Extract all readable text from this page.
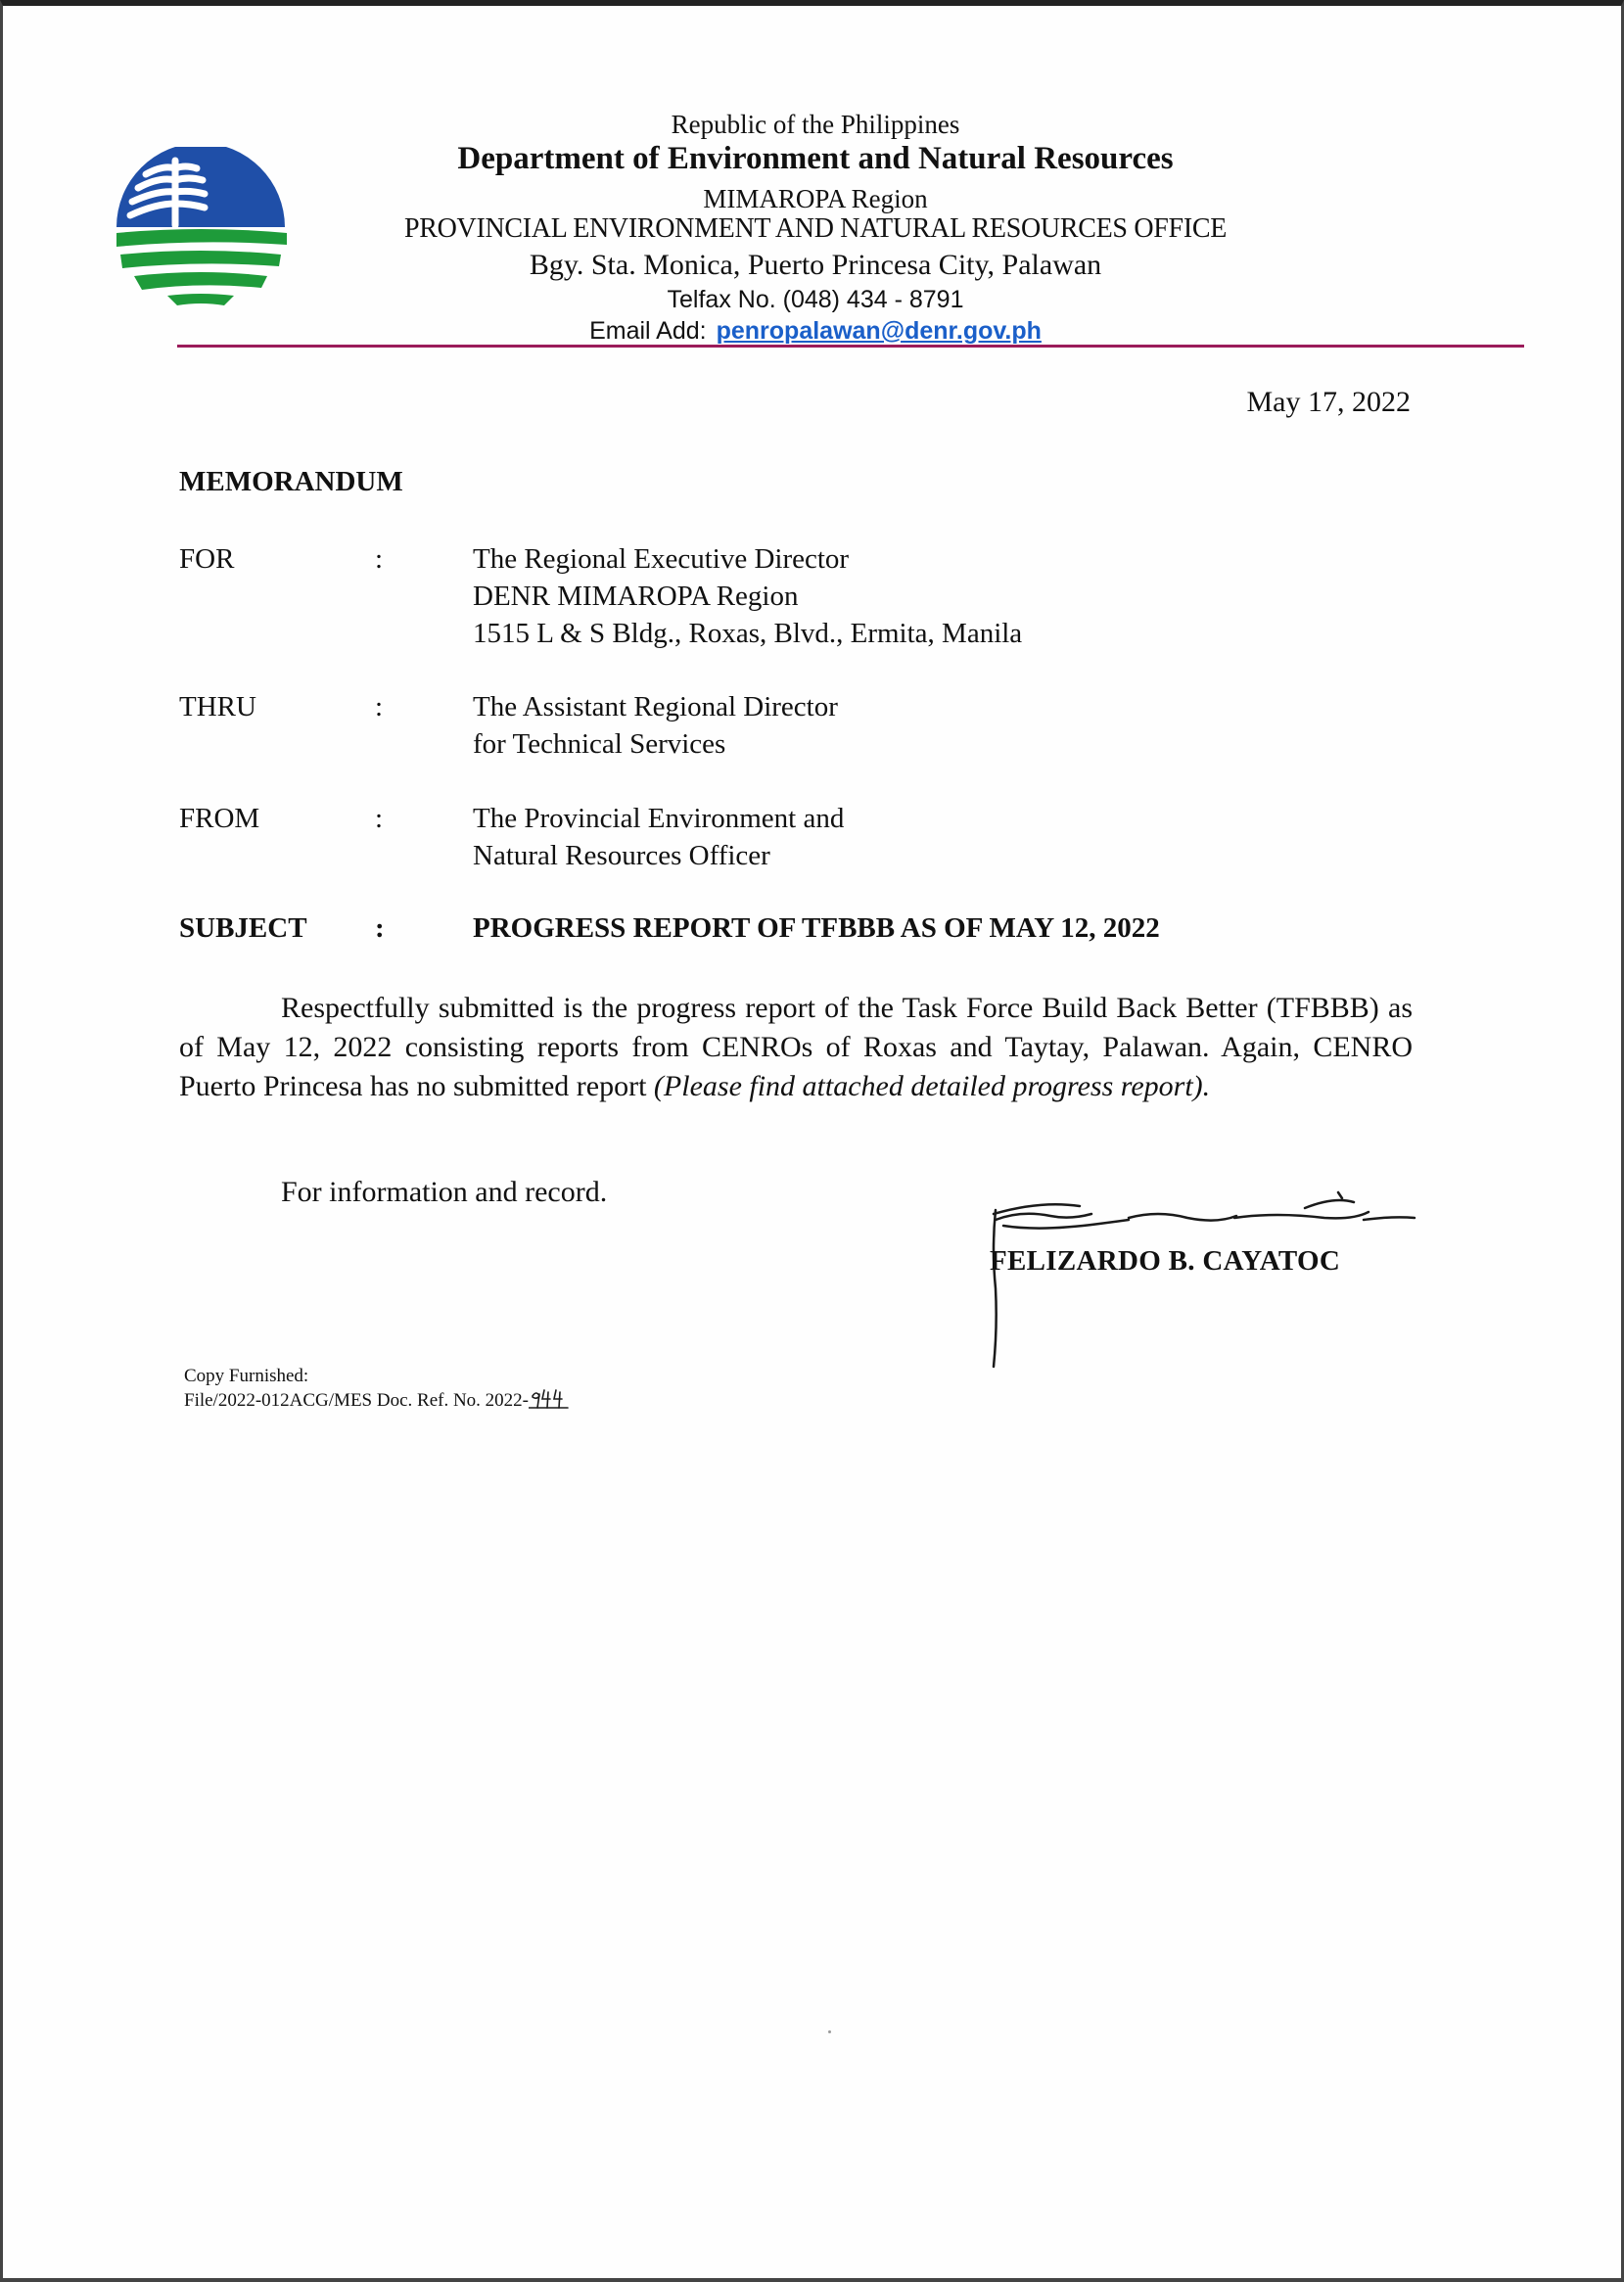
Republic of the Philippines
Department of Environment and Natural Resources
MIMAROPA Region
PROVINCIAL ENVIRONMENT AND NATURAL RESOURCES OFFICE
Bgy. Sta. Monica, Puerto Princesa City, Palawan
Telfax No. (048) 434 - 8791
Email Add: penropalawan@denr.gov.ph
May 17, 2022
MEMORANDUM
FOR	:	The Regional Executive Director
DENR MIMAROPA Region
1515 L & S Bldg., Roxas, Blvd., Ermita, Manila
THRU	:	The Assistant Regional Director
for Technical Services
FROM	:	The Provincial Environment and
Natural Resources Officer
SUBJECT :	PROGRESS REPORT OF TFBBB AS OF MAY 12, 2022
Respectfully submitted is the progress report of the Task Force Build Back Better (TFBBB) as of May 12, 2022 consisting reports from CENROs of Roxas and Taytay, Palawan. Again, CENRO Puerto Princesa has no submitted report (Please find attached detailed progress report).
For information and record.
FELIZARDO B. CAYATOC
Copy Furnished:
File/2022-012ACG/MES Doc. Ref. No. 2022-
